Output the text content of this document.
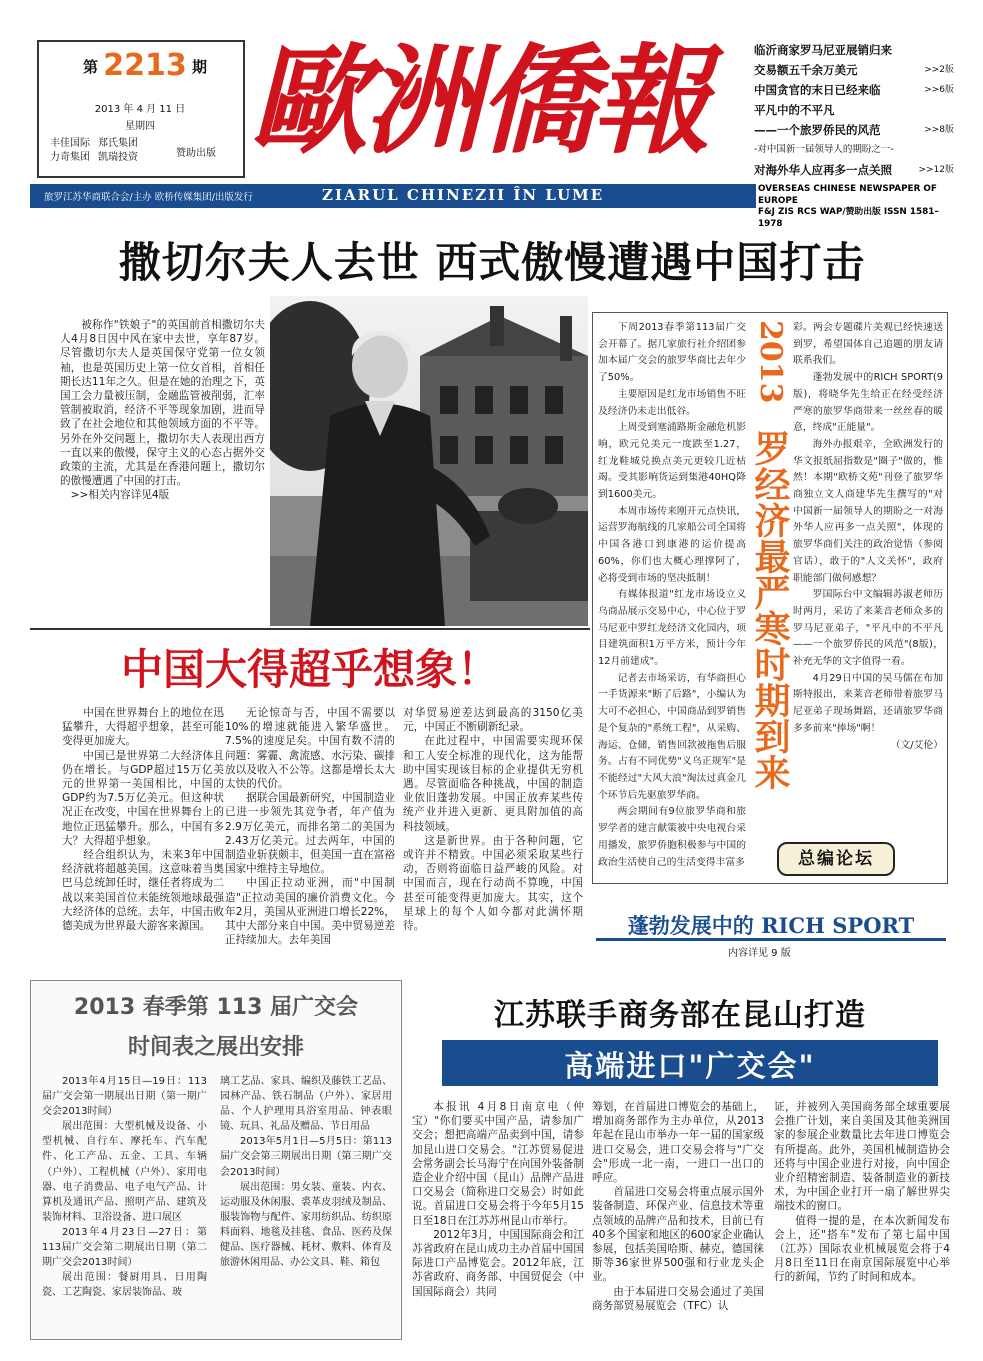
第 2213 期
2013 年 4 月 11 日
星期四
丰佳国际 郑氏集团
力奇集团 凯瑞投资	赞助出版 歐洲僑報	临沂商家罗马尼亚展销归来
交易额五千余万美元	>>2版
中国贪官的末日已经来临	>>6版
平凡中的不平凡
——一个旅罗侨民的风范	>>8版
-对中国新一届领导人的期盼之一-
对海外华人应再多一点关照	>>12版
旅罗江苏华商联合会/主办 欧桥传媒集团/出版发行	ZIARUL CHINEZII ÎN LUME	OVERSEAS CHINESE NEWSPAPER OF EUROPE
F&J ZIS RCS WAP/赞助出版 ISSN 1581–1978
撒切尔夫人去世 西式傲慢遭遇中国打击

被称作"铁娘子"的英国前首相撒切尔夫人4月8日因中风在家中去世，享年87岁。尽管撒切尔夫人是英国保守党第一位女领袖，也是英国历史上第一位女首相，首相任期长达11年之久。但是在她的治理之下，英国工会力量被压制，金融监管被削弱，汇率管制被取消，经济不平等现象加剧，进而导致了在社会地位和其他领域方面的不平等。另外在外交问题上，撒切尔夫人表现出西方一直以来的傲慢，保守主义的心态占据外交政策的主流，尤其是在香港问题上，撒切尔的傲慢遭遇了中国的打击。

>>相关内容详见4版
中国大得超乎想象！

中国在世界舞台上的地位在迅猛攀升，大得超乎想象，甚至可能变得更加庞大。

中国已是世界第二大经济体且仍在增长。与GDP超过15万亿美元的世界第一美国相比，中国的GDP约为7.5万亿美元。但这种状况正在改变，中国在世界舞台上的地位正迅猛攀升。那么，中国有多大？大得超乎想象。

经合组织认为，未来3年中国经济就将超越美国。这意味着当奥巴马总统卸任时，继任者将成为二战以来美国首位未能统领地球最强大经济体的总统。去年，中国击败德美成为世界最大游客来源国。

无论惊奇与否，中国不需要以10%的增速就能进入繁华盛世。7.5%的速度足矣。中国有数不清的问题：雾霾、禽流感、水污染、碳排放以及收入不公等。这都是增长太大太快的代价。

据联合国最新研究，中国制造业已进一步领先其竞争者，年产值为2.9万亿美元，而排名第二的美国为2.43万亿美元。过去两年，中国的制造业斩获颇丰，但美国一直在富裕国家中维持主导地位。

中国正拉动亚洲，而"中国制造"正拉动美国的廉价消费文化。今年2月，美国从亚洲进口增长22%，其中大部分来自中国。美中贸易逆差正持续加大。去年美国

对华贸易逆差达到最高的3150亿美元，中国正不断刷新纪录。

在此过程中，中国需要实现环保和工人安全标准的现代化，这为能帮助中国实现该目标的企业提供无穷机遇。尽管面临各种挑战，中国的制造业依旧蓬勃发展。中国正放弃某些传统产业并进入更新、更具附加值的高科技领域。

这是新世界。由于各种问题，它或许并不精致。中国必须采取某些行动，否则将面临日益严峻的风险。对中国而言，现在行动尚不算晚，中国甚至可能变得更加庞大。其实，这个星球上的每个人如今都对此满怀期待。

下周2013春季第113届广交会开幕了。据几家旅行社介绍团参加本届广交会的旅罗华商比去年少了50%。

主要原因是红龙市场销售不旺及经济仍未走出低谷。

上周受到塞浦路斯金融危机影响，欧元兑美元一度跌至1.27，红龙鞋城兑换点美元更较几近枯竭。受其影响货运到集港40HQ降到1600美元。

本周市场传来刚开元点快讯，运营罗海航线的几家船公司全国将中国各港口到康港的运价提高60%，你们也大概心理撑阿了，必将受到市场的坚决抵制！

有媒体报道"红龙市场设立义乌商品展示交易中心，中心位于罗马尼亚中罗红龙经济文化园内，项目建筑面积1万平方米，预计今年12月前建成"。

记者去市场采访，有华商担心一手货源来"断了后路"，小编认为大可不必担心，中国商品到罗销售是个复杂的"系统工程"，从采购、海运、仓储，销售回款被拖售后服务。占有不同优势"义乌正规军"是不能经过"大风大浪"淘汰过真金几个环节后先驱旅罗华商。

两会期间有9位旅罗华商和旅罗学者的建言献策被中央电视台采用播发，旅罗侨胞积极参与中国的政治生活使自己的生活变得丰富多

2013
罗经济最严寒时期到来

彩。两会专题碟片美观已经快速送到罗，希望国体自己追题的朋友请联系我们。

蓬勃发展中的RICH SPORT(9版)，将晓华先生给正在经受经济严寒的旅罗华商带来一丝丝春的暖意，终成"正能量"。

海外办报艰辛，全欧洲发行的华文报纸屈指数是"圈子"做的，惟然！本期"欧桥文苑"刊登了旅罗华商独立文人商建华先生撰写的"对中国新一届领导人的期盼之一对海外华人应再多一点关照"，体现的旅罗华商们关注的政治觉悟（参阅官话），敢于的"人文关怀"，政府职能部门做何感想？

罗国际台中文编辑苏淑老师历时两月，采访了来莱音老师众多的罗马尼亚弟子，"平凡中的不平凡——一个旅罗侨民的风范"(8版)，补充无华的文字值得一看。

4月29日中国的吴马儒在布加斯特报出，来莱音老师带着旅罗马尼亚弟子现场舞蹈，还请旅罗华商多多前来"捧场"啊！

（文/艾伦）
总编论坛
蓬勃发展中的 RICH SPORT
内容详见 9 版
2013 春季第 113 届广交会
时间表之展出安排

2013年4月15日—19日：113届广交会第一期展出日期（第一期广交会2013时间）

展出范围：大型机械及设备、小型机械、自行车、摩托车、汽车配件、化工产品、五金、工具、车辆（户外）、工程机械（户外）、家用电器、电子消费品、电子电气产品、计算机及通讯产品、照明产品、建筑及装饰材料、卫浴设备、进口展区

2013年4月23日—27日：第113届广交会第二期展出日期（第二期广交会2013时间）

展出范围：餐厨用具、日用陶瓷、工艺陶瓷、家居装饰品、玻

璃工艺品、家具、编织及藤铁工艺品、园林产品、铁石制品（户外）、家居用品、个人护理用具浴室用品、钟表眼镜、玩具、礼品及赠品、节日用品

2013年5月1日—5月5日：第113届广交会第三期展出日期（第三期广交会2013时间）

展出范围：男女装、童装、内衣、运动服及休闲服、裘革皮羽绒及制品、服装饰物与配件、家用纺织品、纺织原料面料、地毯及挂毯、食品、医药及保健品、医疗器械、耗材、敷料、体育及旅游休闲用品、办公文具、鞋、箱包

江苏联手商务部在昆山打造
高端进口"广交会"

本报讯 4月8日南京电（仲宝）"你们要买中国产品，请参加广交会；想把高端产品卖到中国，请参加昆山进口交易会。"江苏贸易促进会常务副会长马海宁在向国外装备制造企业介绍中国（昆山）品牌产品进口交易会（简称进口交易会）时如此说。首届进口交易会将于今年5月15日至18日在江苏苏州昆山市举行。

2012年3月，中国国际商会和江苏省政府在昆山成功主办首届中国国际进口产品博览会。2012年底，江苏省政府、商务部、中国贸促会（中国国际商会）共同

筹划，在首届进口博览会的基础上，增加商务部作为主办单位，从2013年起在昆山市举办一年一届的国家级进口交易会，进口交易会将与"广交会"形成一北一南，一进口一出口的呼应。

首届进口交易会将重点展示国外装备制造、环保产业、信息技术等重点领域的品牌产品和技术，目前已有40多个国家和地区的600家企业确认参展，包括美国哈斯、赫克，德国徕斯等36家世界500强和行业龙头企业。

由于本届进口交易会通过了美国商务部贸易展览会（TFC）认

证，并被列入美国商务部全球重要展会推广计划，来自美国及其他美洲国家的参展企业数量比去年进口博览会有所提高。此外，美国机械制造协会还将与中国企业进行对接，向中国企业介绍精密制造、装备制造业的新技术，为中国企业打开一扇了解世界尖端技术的窗口。

值得一提的是，在本次新闻发布会上，还"搭车"发布了第七届中国（江苏）国际农业机械展览会将于4月8日至11日在南京国际展览中心举行的新闻，节约了时间和成本。
